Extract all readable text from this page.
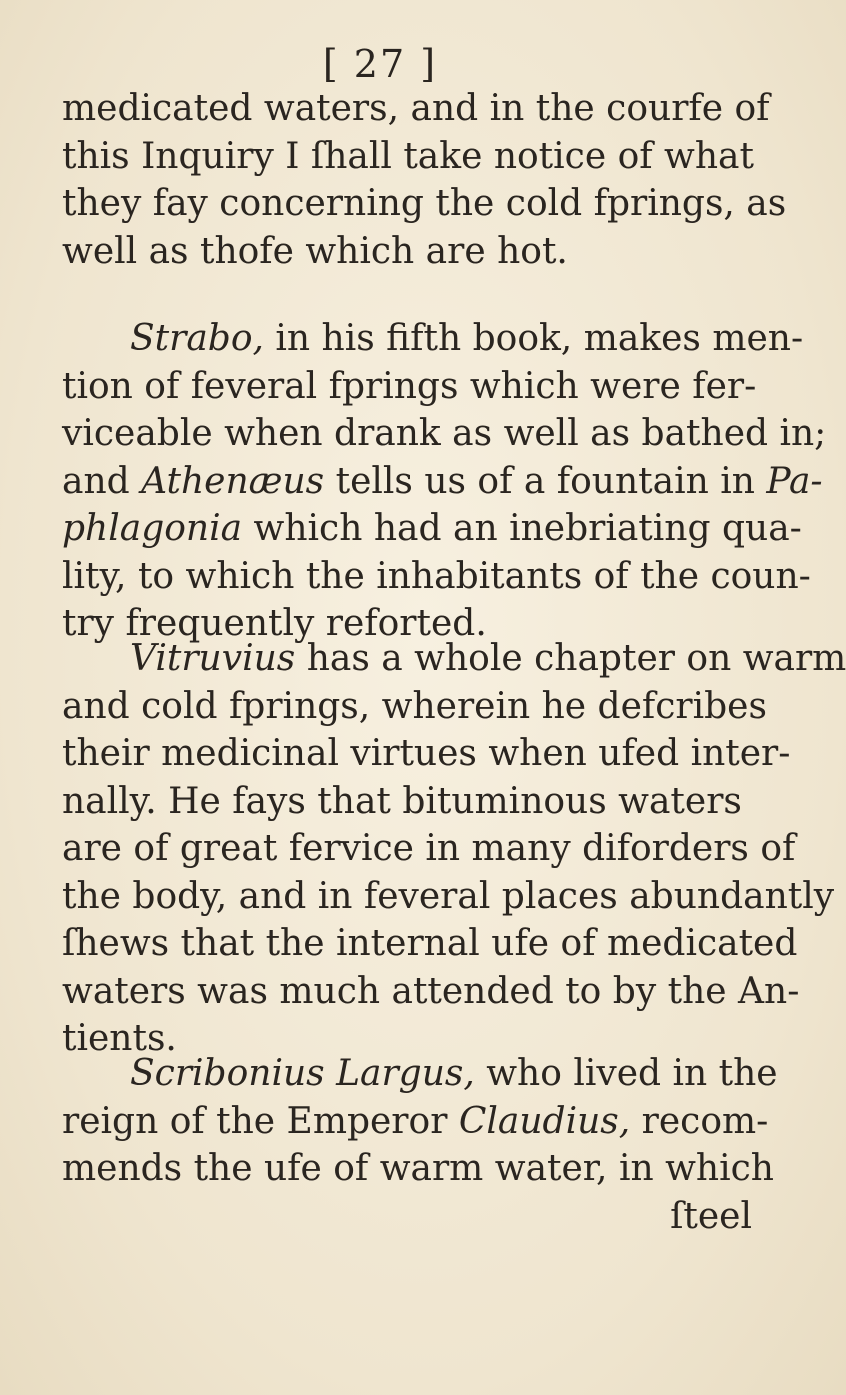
[ 27 ]
medicated waters, and in the courfe of
this Inquiry I ſhall take notice of what
they fay concerning the cold fprings, as
well as thofe which are hot.
Strabo, in his fifth book, makes men-
tion of feveral fprings which were fer-
viceable when drank as well as bathed in;
and Athenæus tells us of a fountain in Pa-
phlagonia which had an inebriating qua-
lity, to which the inhabitants of the coun-
try frequently reforted.
Vitruvius has a whole chapter on warm
and cold fprings, wherein he defcribes
their medicinal virtues when ufed inter-
nally. He fays that bituminous waters
are of great fervice in many diforders of
the body, and in feveral places abundantly
ſhews that the internal ufe of medicated
waters was much attended to by the An-
tients.
Scribonius Largus, who lived in the
reign of the Emperor Claudius, recom-
mends the ufe of warm water, in which
ſteel
